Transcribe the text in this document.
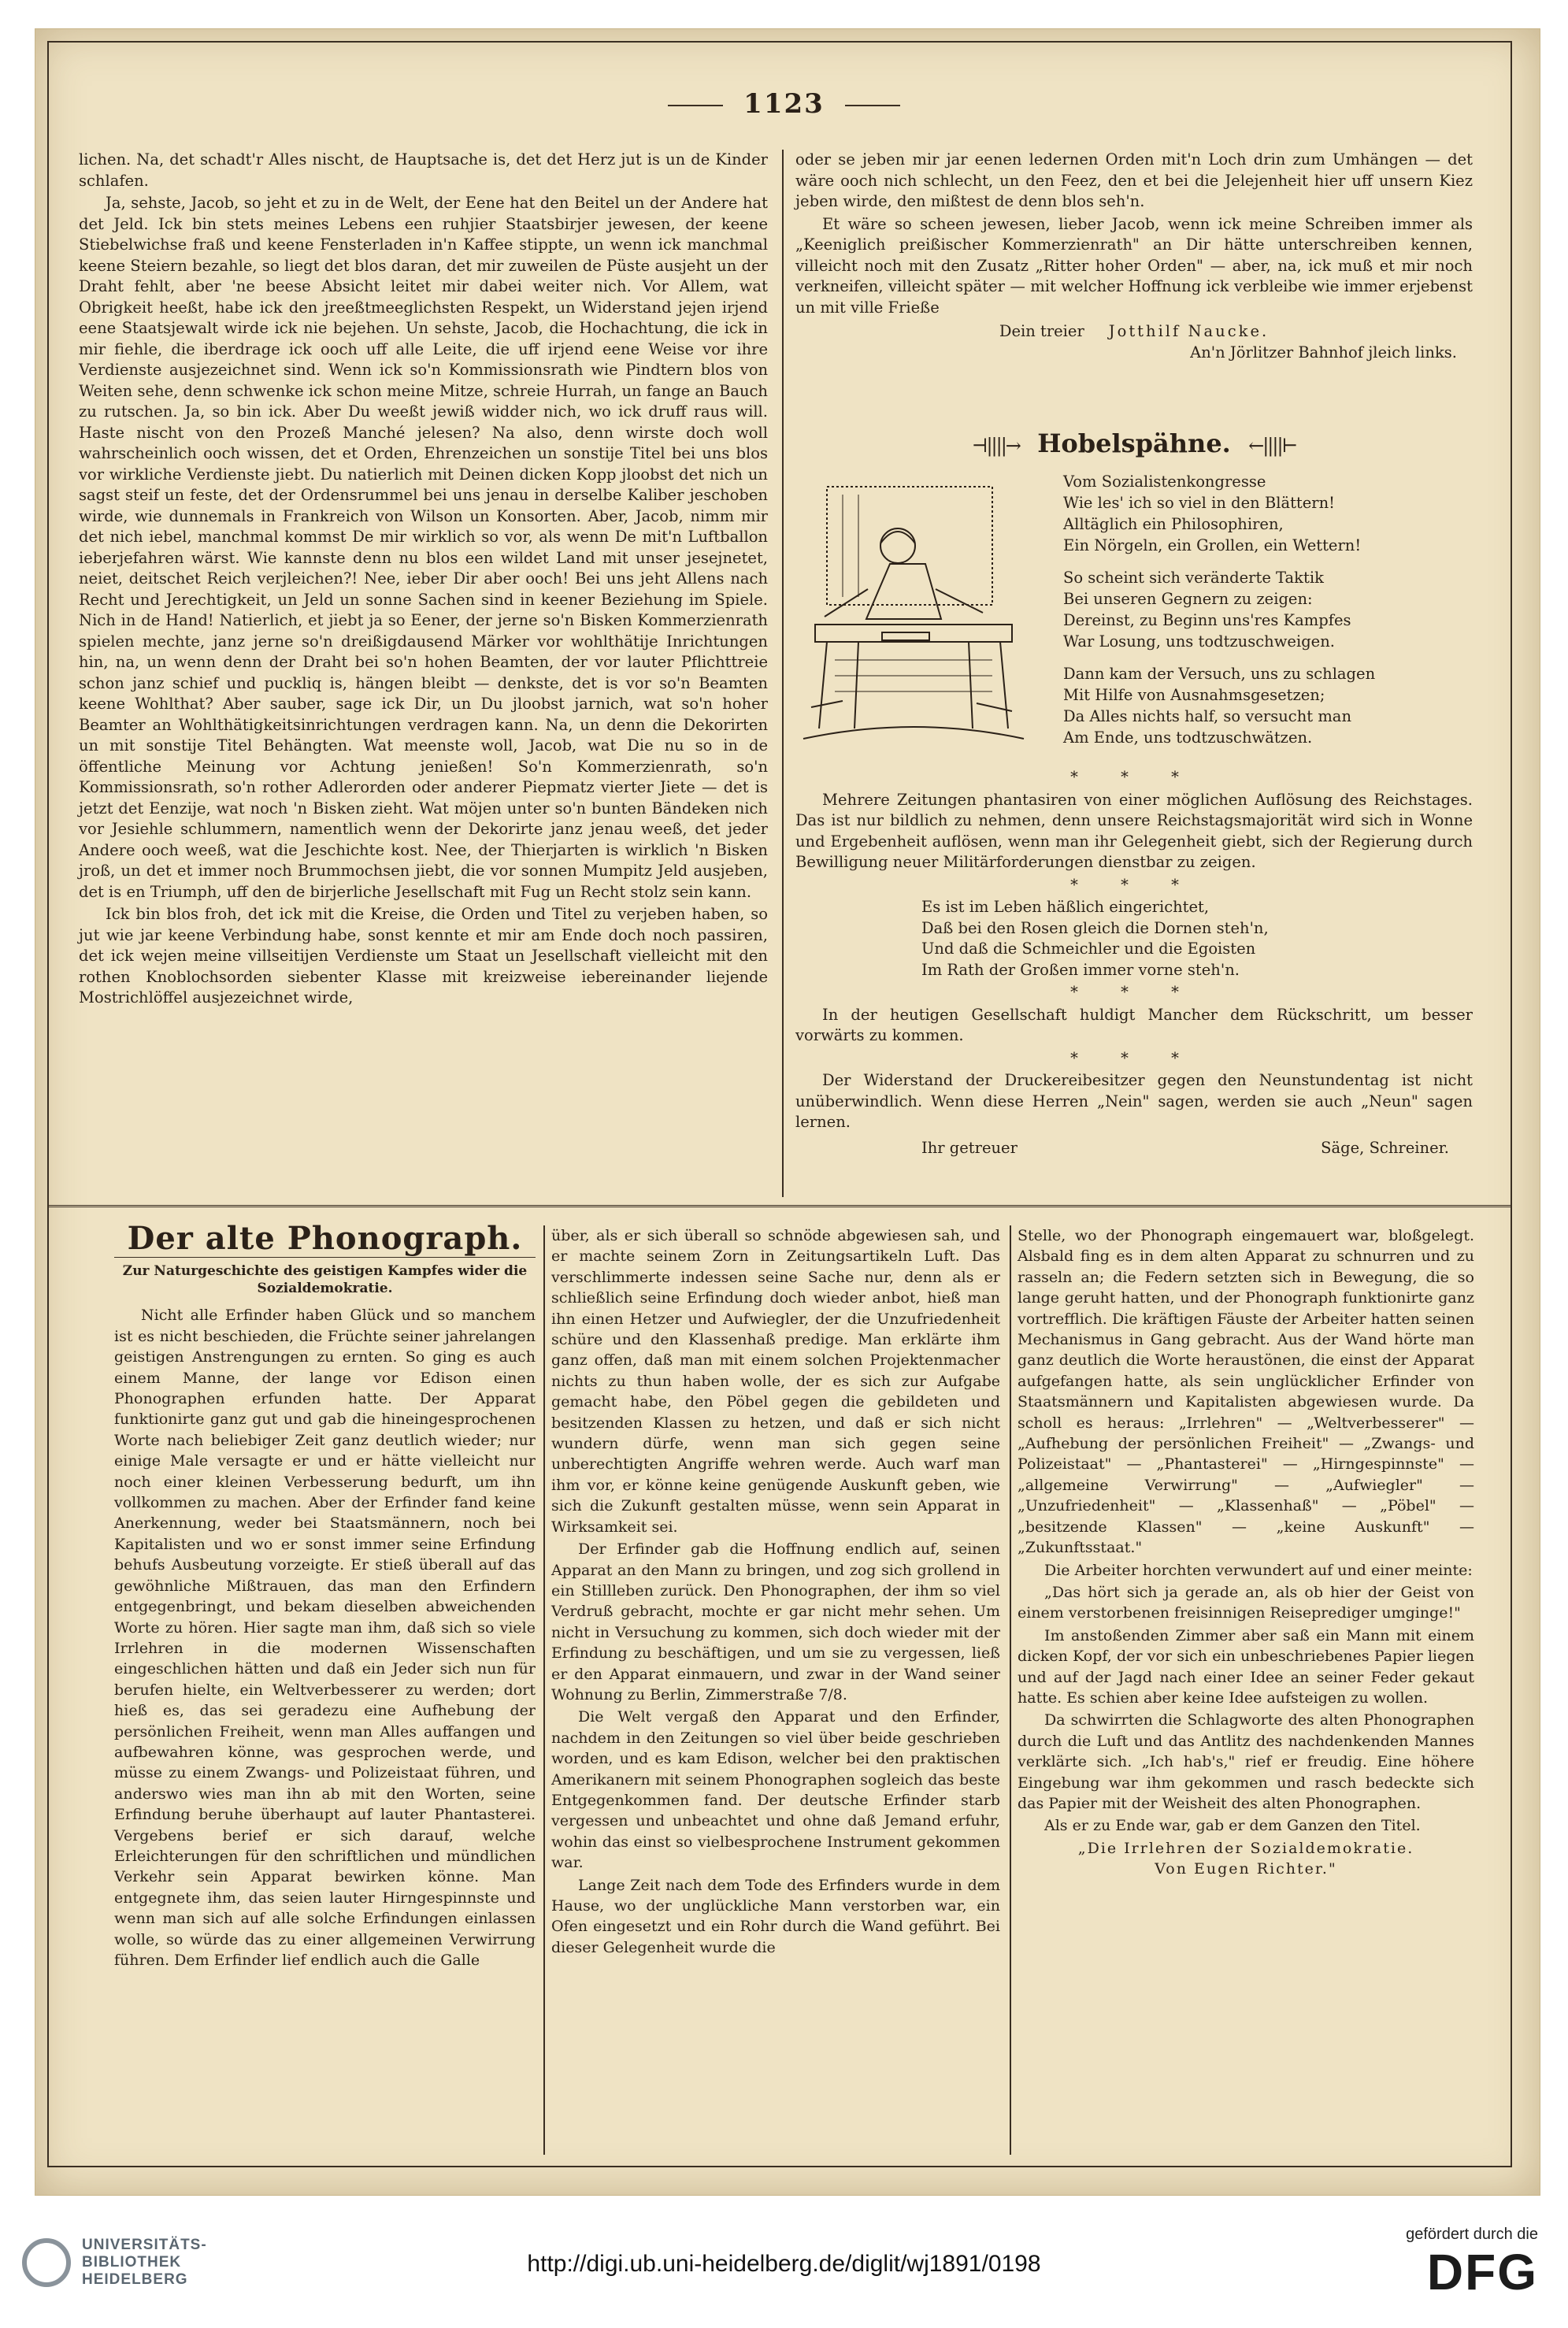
1123

lichen. Na, det schadt'r Alles nischt, de Hauptsache is, det det Herz jut is un de Kinder schlafen.

Ja, sehste, Jacob, so jeht et zu in de Welt, der Eene hat den Beitel un der Andere hat det Jeld. Ick bin stets meines Lebens een ruhjier Staatsbirjer jewesen, der keene Stiebelwichse fraß und keene Fensterladen in'n Kaffee stippte, un wenn ick manchmal keene Steiern bezahle, so liegt det blos daran, det mir zuweilen de Püste ausjeht un der Draht fehlt, aber 'ne beese Absicht leitet mir dabei weiter nich. Vor Allem, wat Obrigkeit heeßt, habe ick den jreeßtmeeglichsten Respekt, un Widerstand jejen irjend eene Staatsjewalt wirde ick nie bejehen. Un sehste, Jacob, die Hochachtung, die ick in mir fiehle, die iberdrage ick ooch uff alle Leite, die uff irjend eene Weise vor ihre Verdienste ausjezeichnet sind. Wenn ick so'n Kommissionsrath wie Pindtern blos von Weiten sehe, denn schwenke ick schon meine Mitze, schreie Hurrah, un fange an Bauch zu rutschen. Ja, so bin ick. Aber Du weeßt jewiß widder nich, wo ick druff raus will. Haste nischt von den Prozeß Manché jelesen? Na also, denn wirste doch woll wahrscheinlich ooch wissen, det et Orden, Ehrenzeichen un sonstije Titel bei uns blos vor wirkliche Verdienste jiebt. Du natierlich mit Deinen dicken Kopp jloobst det nich un sagst steif un feste, det der Ordensrummel bei uns jenau in derselbe Kaliber jeschoben wirde, wie dunnemals in Frankreich von Wilson un Konsorten. Aber, Jacob, nimm mir det nich iebel, manchmal kommst De mir wirklich so vor, als wenn De mit'n Luftballon ieberjefahren wärst. Wie kannste denn nu blos een wildet Land mit unser jesejnetet, neiet, deitschet Reich verjleichen?! Nee, ieber Dir aber ooch! Bei uns jeht Allens nach Recht und Jerechtigkeit, un Jeld un sonne Sachen sind in keener Beziehung im Spiele. Nich in de Hand! Natierlich, et jiebt ja so Eener, der jerne so'n Bisken Kommerzienrath spielen mechte, janz jerne so'n dreißigdausend Märker vor wohlthätije Inrichtungen hin, na, un wenn denn der Draht bei so'n hohen Beamten, der vor lauter Pflichttreie schon janz schief und puckliq is, hängen bleibt — denkste, det is vor so'n Beamten keene Wohlthat? Aber sauber, sage ick Dir, un Du jloobst jarnich, wat so'n hoher Beamter an Wohlthätigkeitsinrichtungen verdragen kann. Na, un denn die Dekorirten un mit sonstije Titel Behängten. Wat meenste woll, Jacob, wat Die nu so in de öffentliche Meinung vor Achtung jenießen! So'n Kommerzienrath, so'n Kommissionsrath, so'n rother Adlerorden oder anderer Piepmatz vierter Jiete — det is jetzt det Eenzije, wat noch 'n Bisken zieht. Wat möjen unter so'n bunten Bändeken nich vor Jesiehle schlummern, namentlich wenn der Dekorirte janz jenau weeß, det jeder Andere ooch weeß, wat die Jeschichte kost. Nee, der Thierjarten is wirklich 'n Bisken jroß, un det et immer noch Brummochsen jiebt, die vor sonnen Mumpitz Jeld ausjeben, det is en Triumph, uff den de birjerliche Jesellschaft mit Fug un Recht stolz sein kann.

Ick bin blos froh, det ick mit die Kreise, die Orden und Titel zu verjeben haben, so jut wie jar keene Verbindung habe, sonst kennte et mir am Ende doch noch passiren, det ick wejen meine villseitijen Verdienste um Staat un Jesellschaft vielleicht mit den rothen Knoblochsorden siebenter Klasse mit kreizweise iebereinander liejende Mostrichlöffel ausjezeichnet wirde,

oder se jeben mir jar eenen ledernen Orden mit'n Loch drin zum Umhängen — det wäre ooch nich schlecht, un den Feez, den et bei die Jelejenheit hier uff unsern Kiez jeben wirde, den mißtest de denn blos seh'n.

Et wäre so scheen jewesen, lieber Jacob, wenn ick meine Schreiben immer als „Keeniglich preißischer Kommerzienrath" an Dir hätte unterschreiben kennen, villeicht noch mit den Zusatz „Ritter hoher Orden" — aber, na, ick muß et mir noch verkneifen, villeicht später — mit welcher Hoffnung ick verbleibe wie immer erjebenst un mit ville Frieße

Dein treier Jotthilf Naucke.
An'n Jörlitzer Bahnhof jleich links.
⊣||||→ Hobelspähne. ←||||⊢
Vom Sozialistenkongresse
Wie les' ich so viel in den Blättern!
Alltäglich ein Philosophiren,
Ein Nörgeln, ein Grollen, ein Wettern!
So scheint sich veränderte Taktik
Bei unseren Gegnern zu zeigen:
Dereinst, zu Beginn uns'res Kampfes
War Losung, uns todtzuschweigen.
Dann kam der Versuch, uns zu schlagen
Mit Hilfe von Ausnahmsgesetzen;
Da Alles nichts half, so versucht man
Am Ende, uns todtzuschwätzen.
* * *

Mehrere Zeitungen phantasiren von einer möglichen Auflösung des Reichstages. Das ist nur bildlich zu nehmen, denn unsere Reichstagsmajorität wird sich in Wonne und Ergebenheit auflösen, wenn man ihr Gelegenheit giebt, sich der Regierung durch Bewilligung neuer Militärforderungen dienstbar zu zeigen.

* * *
Es ist im Leben häßlich eingerichtet,
Daß bei den Rosen gleich die Dornen steh'n,
Und daß die Schmeichler und die Egoisten
Im Rath der Großen immer vorne steh'n.
* * *

In der heutigen Gesellschaft huldigt Mancher dem Rückschritt, um besser vorwärts zu kommen.

* * *

Der Widerstand der Druckereibesitzer gegen den Neunstundentag ist nicht unüberwindlich. Wenn diese Herren „Nein" sagen, werden sie auch „Neun" sagen lernen.

Ihr getreuer	Säge, Schreiner.
Der alte Phonograph.
Zur Naturgeschichte des geistigen Kampfes wider die Sozialdemokratie.

Nicht alle Erfinder haben Glück und so manchem ist es nicht beschieden, die Früchte seiner jahrelangen geistigen Anstrengungen zu ernten. So ging es auch einem Manne, der lange vor Edison einen Phonographen erfunden hatte. Der Apparat funktionirte ganz gut und gab die hineingesprochenen Worte nach beliebiger Zeit ganz deutlich wieder; nur einige Male versagte er und er hätte vielleicht nur noch einer kleinen Verbesserung bedurft, um ihn vollkommen zu machen. Aber der Erfinder fand keine Anerkennung, weder bei Staatsmännern, noch bei Kapitalisten und wo er sonst immer seine Erfindung behufs Ausbeutung vorzeigte. Er stieß überall auf das gewöhnliche Mißtrauen, das man den Erfindern entgegenbringt, und bekam dieselben abweichenden Worte zu hören. Hier sagte man ihm, daß sich so viele Irrlehren in die modernen Wissenschaften eingeschlichen hätten und daß ein Jeder sich nun für berufen hielte, ein Weltverbesserer zu werden; dort hieß es, das sei geradezu eine Aufhebung der persönlichen Freiheit, wenn man Alles auffangen und aufbewahren könne, was gesprochen werde, und müsse zu einem Zwangs- und Polizeistaat führen, und anderswo wies man ihn ab mit den Worten, seine Erfindung beruhe überhaupt auf lauter Phantasterei. Vergebens berief er sich darauf, welche Erleichterungen für den schriftlichen und mündlichen Verkehr sein Apparat bewirken könne. Man entgegnete ihm, das seien lauter Hirngespinnste und wenn man sich auf alle solche Erfindungen einlassen wolle, so würde das zu einer allgemeinen Verwirrung führen. Dem Erfinder lief endlich auch die Galle

über, als er sich überall so schnöde abgewiesen sah, und er machte seinem Zorn in Zeitungsartikeln Luft. Das verschlimmerte indessen seine Sache nur, denn als er schließlich seine Erfindung doch wieder anbot, hieß man ihn einen Hetzer und Aufwiegler, der die Unzufriedenheit schüre und den Klassenhaß predige. Man erklärte ihm ganz offen, daß man mit einem solchen Projektenmacher nichts zu thun haben wolle, der es sich zur Aufgabe gemacht habe, den Pöbel gegen die gebildeten und besitzenden Klassen zu hetzen, und daß er sich nicht wundern dürfe, wenn man sich gegen seine unberechtigten Angriffe wehren werde. Auch warf man ihm vor, er könne keine genügende Auskunft geben, wie sich die Zukunft gestalten müsse, wenn sein Apparat in Wirksamkeit sei.

Der Erfinder gab die Hoffnung endlich auf, seinen Apparat an den Mann zu bringen, und zog sich grollend in ein Stillleben zurück. Den Phonographen, der ihm so viel Verdruß gebracht, mochte er gar nicht mehr sehen. Um nicht in Versuchung zu kommen, sich doch wieder mit der Erfindung zu beschäftigen, und um sie zu vergessen, ließ er den Apparat einmauern, und zwar in der Wand seiner Wohnung zu Berlin, Zimmerstraße 7/8.

Die Welt vergaß den Apparat und den Erfinder, nachdem in den Zeitungen so viel über beide geschrieben worden, und es kam Edison, welcher bei den praktischen Amerikanern mit seinem Phonographen sogleich das beste Entgegenkommen fand. Der deutsche Erfinder starb vergessen und unbeachtet und ohne daß Jemand erfuhr, wohin das einst so vielbesprochene Instrument gekommen war.

Lange Zeit nach dem Tode des Erfinders wurde in dem Hause, wo der unglückliche Mann verstorben war, ein Ofen eingesetzt und ein Rohr durch die Wand geführt. Bei dieser Gelegenheit wurde die

Stelle, wo der Phonograph eingemauert war, bloßgelegt. Alsbald fing es in dem alten Apparat zu schnurren und zu rasseln an; die Federn setzten sich in Bewegung, die so lange geruht hatten, und der Phonograph funktionirte ganz vortrefflich. Die kräftigen Fäuste der Arbeiter hatten seinen Mechanismus in Gang gebracht. Aus der Wand hörte man ganz deutlich die Worte heraustönen, die einst der Apparat aufgefangen hatte, als sein unglücklicher Erfinder von Staatsmännern und Kapitalisten abgewiesen wurde. Da scholl es heraus: „Irrlehren" — „Weltverbesserer" — „Aufhebung der persönlichen Freiheit" — „Zwangs- und Polizeistaat" — „Phantasterei" — „Hirngespinnste" — „allgemeine Verwirrung" — „Aufwiegler" — „Unzufriedenheit" — „Klassenhaß" — „Pöbel" — „besitzende Klassen" — „keine Auskunft" — „Zukunftsstaat."

Die Arbeiter horchten verwundert auf und einer meinte:

„Das hört sich ja gerade an, als ob hier der Geist von einem verstorbenen freisinnigen Reiseprediger umginge!"

Im anstoßenden Zimmer aber saß ein Mann mit einem dicken Kopf, der vor sich ein unbeschriebenes Papier liegen und auf der Jagd nach einer Idee an seiner Feder gekaut hatte. Es schien aber keine Idee aufsteigen zu wollen.

Da schwirrten die Schlagworte des alten Phonographen durch die Luft und das Antlitz des nachdenkenden Mannes verklärte sich. „Ich hab's," rief er freudig. Eine höhere Eingebung war ihm gekommen und rasch bedeckte sich das Papier mit der Weisheit des alten Phonographen.

Als er zu Ende war, gab er dem Ganzen den Titel.

„Die Irrlehren der Sozialdemokratie.
Von Eugen Richter."
UNIVERSITÄTS-
BIBLIOTHEK
HEIDELBERG
http://digi.ub.uni-heidelberg.de/diglit/wj1891/0198
gefördert durch die
DFG
